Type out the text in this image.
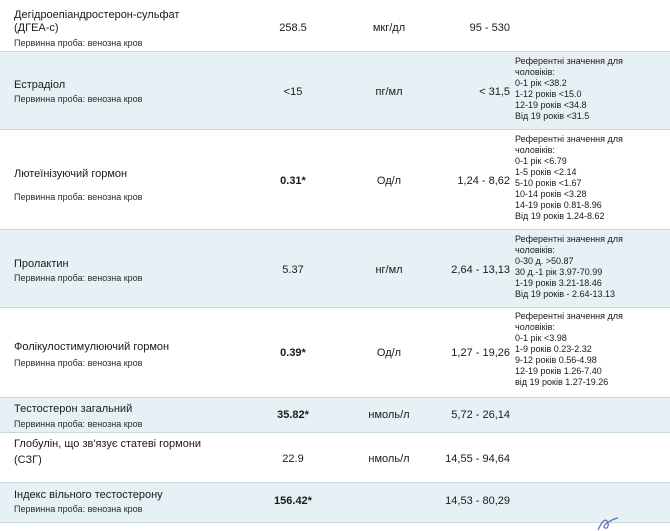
Дегідроепіандростерон-сульфат
(ДГЕА-с)
Первинна проба: венозна кров
258.5	мкг/дл	95 - 530
Естрадіол
Первинна проба: венозна кров
<15	пг/мл	< 31,5
Референтні значення для
чоловіків:
0-1 рік <38.2
1-12 років <15.0
12-19 років <34.8
Від 19 років <31.5
Лютеїнізуючий гормон
Первинна проба: венозна кров
0.31*	Од/л	1,24 - 8,62
Референтні значення для
чоловіків:
0-1 рік <6.79
1-5 років <2.14
5-10 років <1.67
10-14 років <3.28
14-19 років 0.81-8.96
Від 19 років 1.24-8.62
Пролактин
Первинна проба: венозна кров
5.37	нг/мл	2,64 - 13,13
Референтні значення для
чоловіків:
0-30 д. >50.87
30 д.-1 рік 3.97-70.99
1-19 років 3.21-18.46
Від 19 років - 2.64-13.13
Фолікулостимулюючий гормон
Первинна проба: венозна кров
0.39*	Од/л	1,27 - 19,26
Референтні значення для
чоловіків:
0-1 рік <3.98
1-9 років 0.23-2.32
9-12 років 0.56-4.98
12-19 років 1.26-7.40
від 19 років 1.27-19.26
Тестостерон загальний
Первинна проба: венозна кров
35.82*	нмоль/л	5,72 - 26,14
Глобулін, що зв'язує статеві гормони
(СЗГ)	22.9	нмоль/л	14,55 - 94,64
Індекс вільного тестостерону
Первинна проба: венозна кров
156.42*	14,53 - 80,29
